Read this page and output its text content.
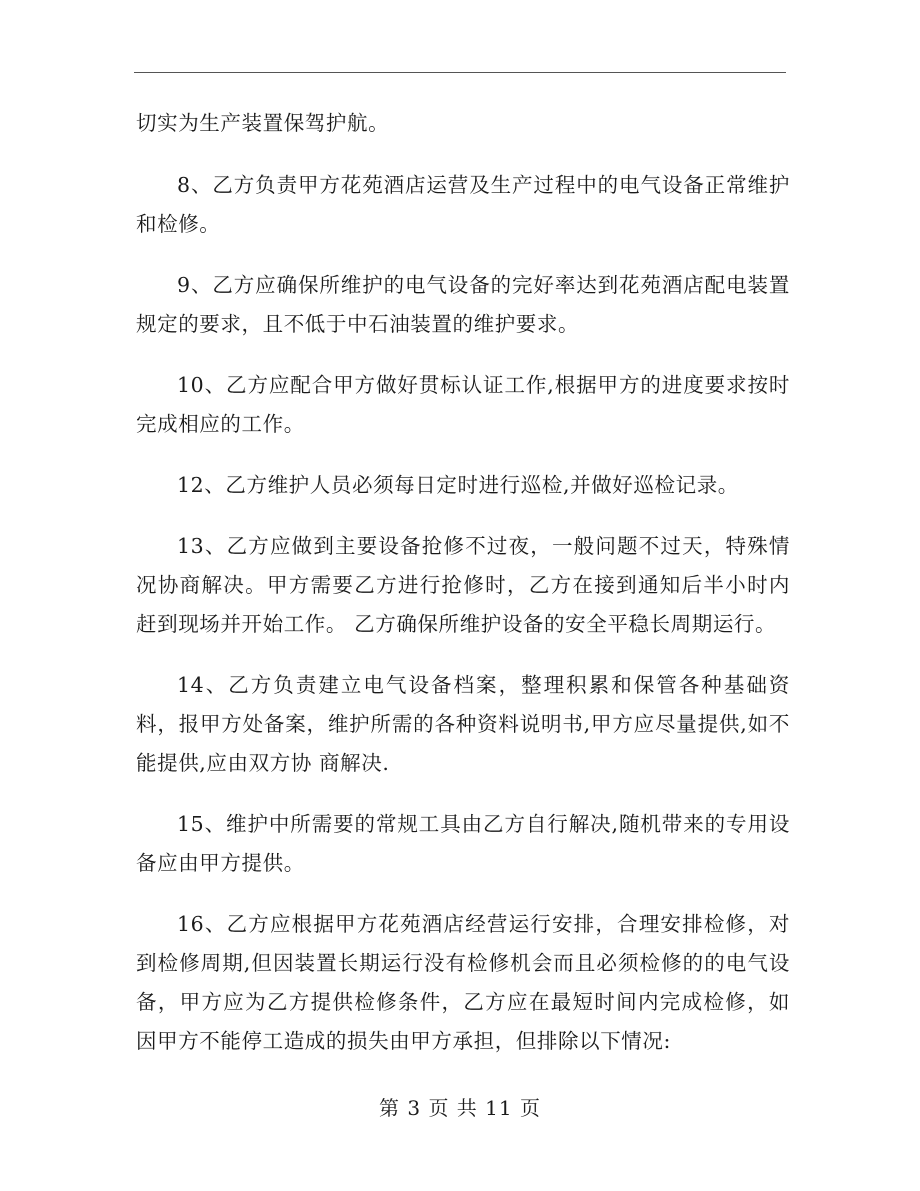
切实为生产装置保驾护航。

8、乙方负责甲方花苑酒店运营及生产过程中的电气设备正常维护和检修。

9、乙方应确保所维护的电气设备的完好率达到花苑酒店配电装置规定的要求，且不低于中石油装置的维护要求。

10、乙方应配合甲方做好贯标认证工作,根据甲方的进度要求按时完成相应的工作。

12、乙方维护人员必须每日定时进行巡检,并做好巡检记录。

13、乙方应做到主要设备抢修不过夜，一般问题不过天，特殊情况协商解决。甲方需要乙方进行抢修时，乙方在接到通知后半小时内赶到现场并开始工作。 乙方确保所维护设备的安全平稳长周期运行。

14、乙方负责建立电气设备档案，整理积累和保管各种基础资料，报甲方处备案，维护所需的各种资料说明书,甲方应尽量提供,如不能提供,应由双方协 商解决.

15、维护中所需要的常规工具由乙方自行解决,随机带来的专用设备应由甲方提供。

16、乙方应根据甲方花苑酒店经营运行安排，合理安排检修，对到检修周期,但因装置长期运行没有检修机会而且必须检修的的电气设备，甲方应为乙方提供检修条件，乙方应在最短时间内完成检修，如因甲方不能停工造成的损失由甲方承担，但排除以下情况:

第 3 页 共 11 页
